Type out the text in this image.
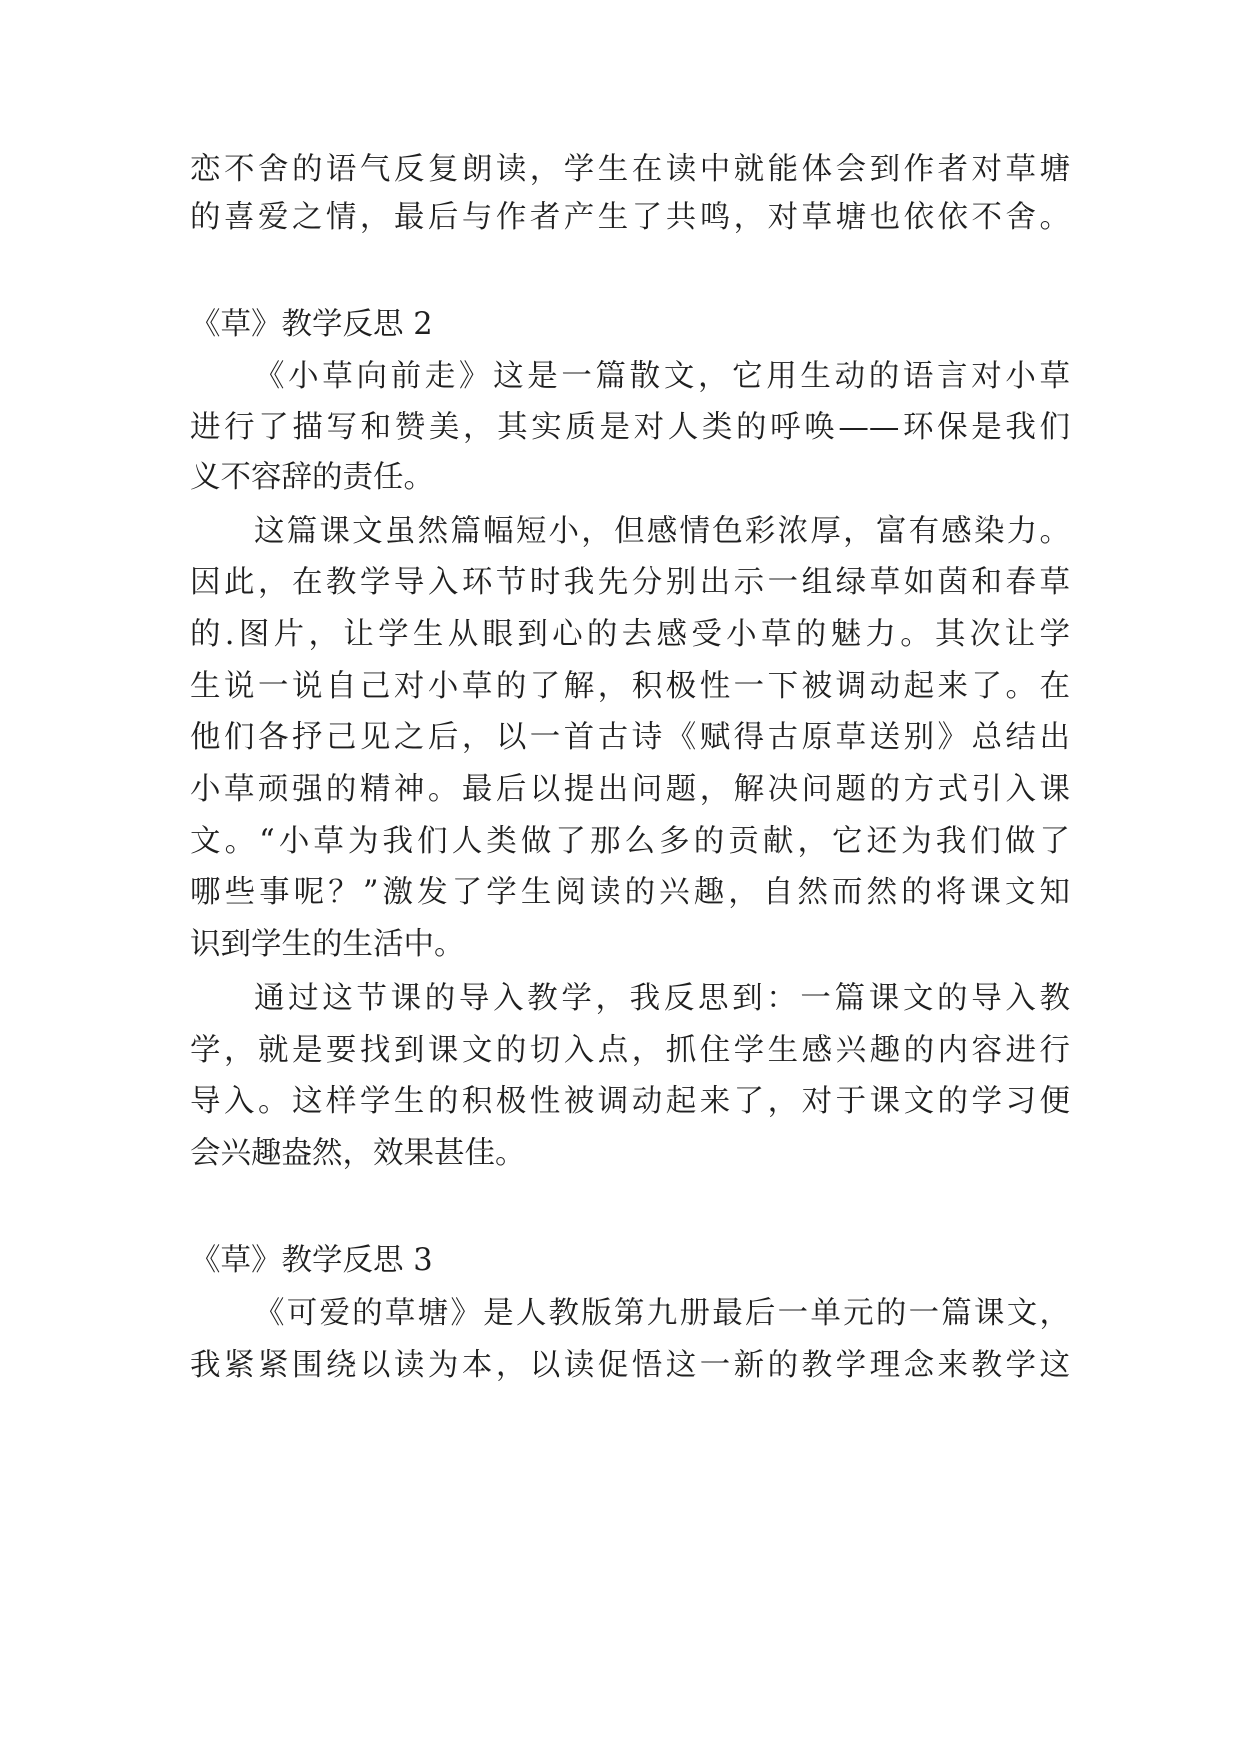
恋不舍的语气反复朗读，学生在读中就能体会到作者对草塘
的喜爱之情，最后与作者产生了共鸣，对草塘也依依不舍。
《草》教学反思 2
《小草向前走》这是一篇散文，它用生动的语言对小草
进行了描写和赞美，其实质是对人类的呼唤——环保是我们
义不容辞的责任。
这篇课文虽然篇幅短小，但感情色彩浓厚，富有感染力。
因此，在教学导入环节时我先分别出示一组绿草如茵和春草
的.图片，让学生从眼到心的去感受小草的魅力。其次让学
生说一说自己对小草的了解，积极性一下被调动起来了。在
他们各抒己见之后，以一首古诗《赋得古原草送别》总结出
小草顽强的精神。最后以提出问题，解决问题的方式引入课
文。“小草为我们人类做了那么多的贡献，它还为我们做了
哪些事呢？”激发了学生阅读的兴趣，自然而然的将课文知
识到学生的生活中。
通过这节课的导入教学，我反思到：一篇课文的导入教
学，就是要找到课文的切入点，抓住学生感兴趣的内容进行
导入。这样学生的积极性被调动起来了，对于课文的学习便
会兴趣盎然，效果甚佳。
《草》教学反思 3
《可爱的草塘》是人教版第九册最后一单元的一篇课文，
我紧紧围绕以读为本，以读促悟这一新的教学理念来教学这
